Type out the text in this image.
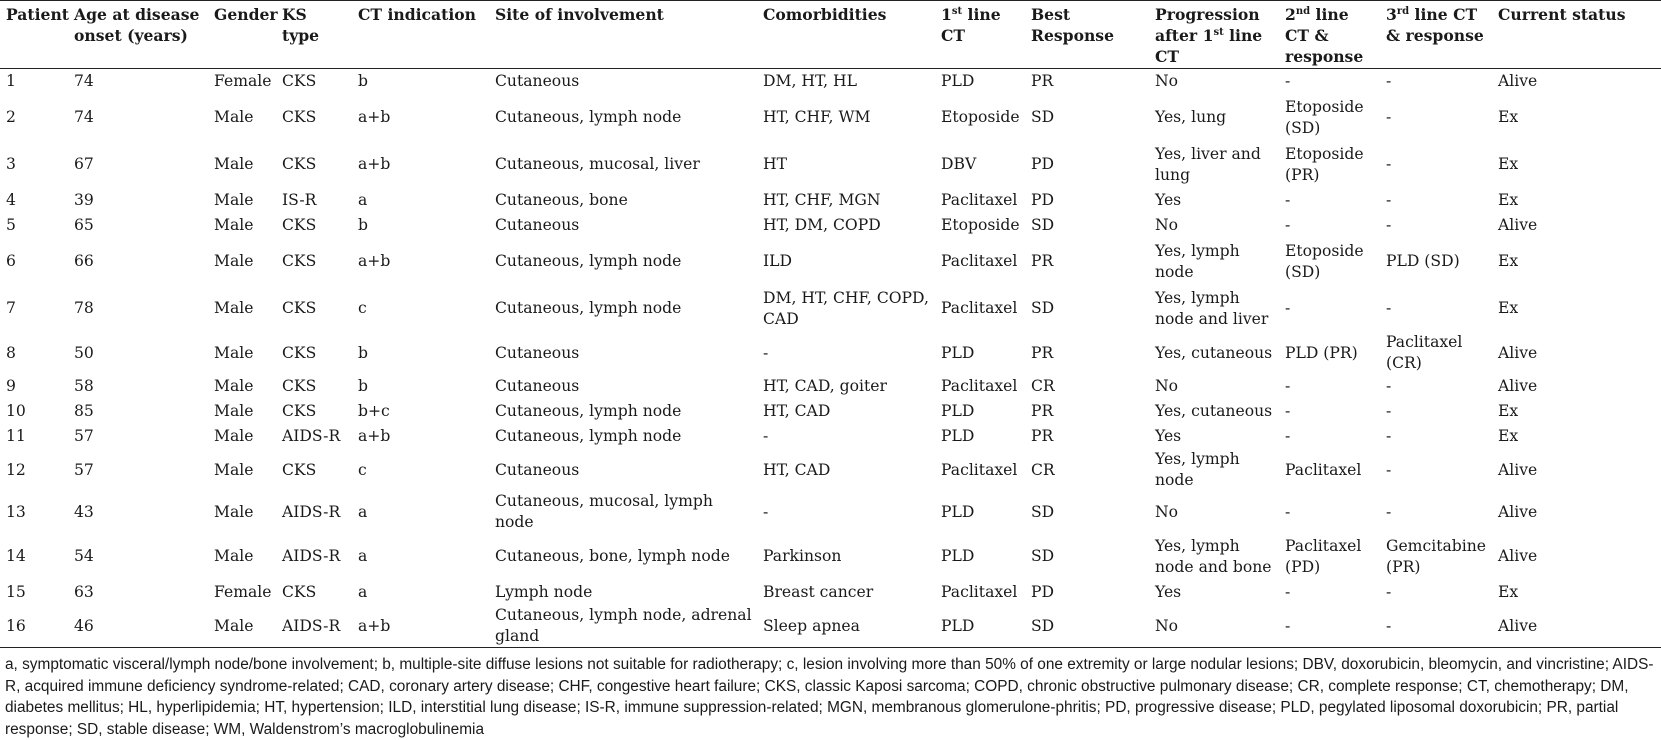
Patient	Age at disease onset (years)	Gender	KS type	CT indication	Site of involvement	Comorbidities	1st line CT	Best Response	Progression after 1st line CT	2nd line CT & response	3rd line CT & response	Current status
1	74	Female	CKS	b	Cutaneous	DM, HT, HL	PLD	PR	No	-	-	Alive
2	74	Male	CKS	a+b	Cutaneous, lymph node	HT, CHF, WM	Etoposide	SD	Yes, lung	Etoposide (SD)	-	Ex
3	67	Male	CKS	a+b	Cutaneous, mucosal, liver	HT	DBV	PD	Yes, liver and lung	Etoposide (PR)	-	Ex
4	39	Male	IS-R	a	Cutaneous, bone	HT, CHF, MGN	Paclitaxel	PD	Yes	-	-	Ex
5	65	Male	CKS	b	Cutaneous	HT, DM, COPD	Etoposide	SD	No	-	-	Alive
6	66	Male	CKS	a+b	Cutaneous, lymph node	ILD	Paclitaxel	PR	Yes, lymph node	Etoposide (SD)	PLD (SD)	Ex
7	78	Male	CKS	c	Cutaneous, lymph node	DM, HT, CHF, COPD, CAD	Paclitaxel	SD	Yes, lymph node and liver	-	-	Ex
8	50	Male	CKS	b	Cutaneous	-	PLD	PR	Yes, cutaneous	PLD (PR)	Paclitaxel (CR)	Alive
9	58	Male	CKS	b	Cutaneous	HT, CAD, goiter	Paclitaxel	CR	No	-	-	Alive
10	85	Male	CKS	b+c	Cutaneous, lymph node	HT, CAD	PLD	PR	Yes, cutaneous	-	-	Ex
11	57	Male	AIDS-R	a+b	Cutaneous, lymph node	-	PLD	PR	Yes	-	-	Ex
12	57	Male	CKS	c	Cutaneous	HT, CAD	Paclitaxel	CR	Yes, lymph node	Paclitaxel	-	Alive
13	43	Male	AIDS-R	a	Cutaneous, mucosal, lymph node	-	PLD	SD	No	-	-	Alive
14	54	Male	AIDS-R	a	Cutaneous, bone, lymph node	Parkinson	PLD	SD	Yes, lymph node and bone	Paclitaxel (PD)	Gemcitabine (PR)	Alive
15	63	Female	CKS	a	Lymph node	Breast cancer	Paclitaxel	PD	Yes	-	-	Ex
16	46	Male	AIDS-R	a+b	Cutaneous, lymph node, adrenal gland	Sleep apnea	PLD	SD	No	-	-	Alive
a, symptomatic visceral/lymph node/bone involvement; b, multiple-site diffuse lesions not suitable for radiotherapy; c, lesion involving more than 50% of one extremity or large nodular lesions; DBV, doxorubicin, bleomycin, and vincristine; AIDS-R, acquired immune deficiency syndrome-related; CAD, coronary artery disease; CHF, congestive heart failure; CKS, classic Kaposi sarcoma; COPD, chronic obstructive pulmonary disease; CR, complete response; CT, chemotherapy; DM, diabetes mellitus; HL, hyperlipidemia; HT, hypertension; ILD, interstitial lung disease; IS-R, immune suppression-related; MGN, membranous glomerulone-phritis; PD, progressive disease; PLD, pegylated liposomal doxorubicin; PR, partial response; SD, stable disease; WM, Waldenstrom’s macroglobulinemia
